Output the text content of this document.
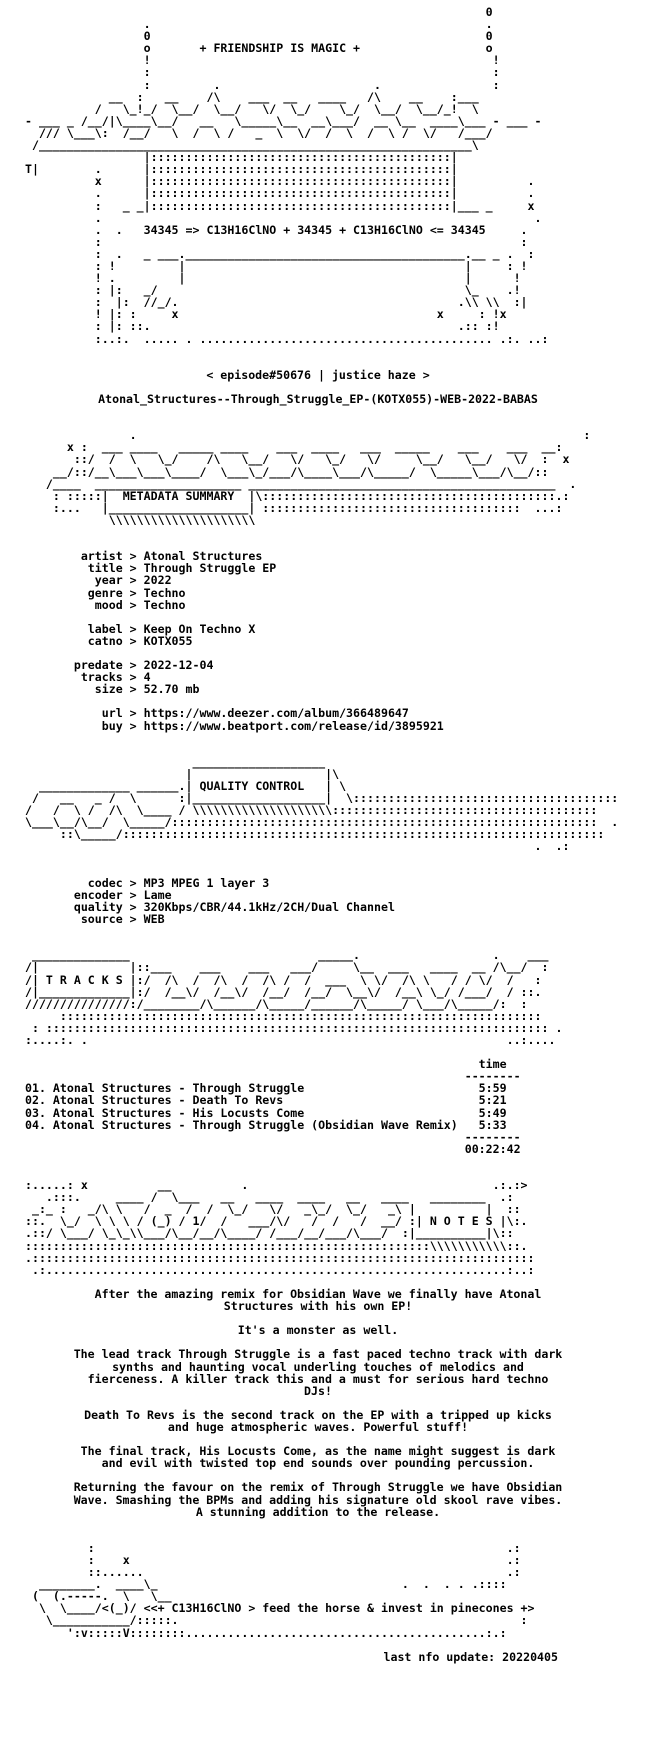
0
.                                                .
0                                                0
o       + FRIENDSHIP IS MAGIC +                  o
!                                                 !
:                                                 :
:         .                      .                :
__  :   __    /\    ___  __   ____   /\    __    :___
/   \_!_/  \__/  \__/   \/  \_/    \_/  \__/  \__/_!  \
- ___ _ /__/|\____\__/   __   \_____\__  __\___/  __ \__  ____\___ - ___ -
/// \___\:  /__/   \  /  \ /   _  \  \/  /  \  /  \ /  \/   /___/
/______________________________________________________________\
|:::::::::::::::::::::::::::::::::::::::::::|
T|        .      |:::::::::::::::::::::::::::::::::::::::::::|
x      |:::::::::::::::::::::::::::::::::::::::::::|          .
.      |:::::::::::::::::::::::::::::::::::::::::::|          .
:   _ _|:::::::::::::::::::::::::::::::::::::::::::|___ _     x
.                                                              .
.  .   34345 => C13H16ClNO + 34345 + C13H16ClNO <= 34345     .
:                                                            :
:  .   _ ___.________________________________________.__ _ .  :
: !         |                                        |     : !
! .         |                                        |      !
: |:   _/                                            \_    .!
:  |:  //_/.                                        .\\ \\  :|
! |: :     x                                     x     : !x
: |: ::.                                            .:: :!
:..:.  ..... . .......................................... .:. ..:
< episode#50676 | justice haze >
Atonal_Structures--Through_Struggle_EP-(KOTX055)-WEB-2022-BABAS
.                                                                :
x :  ___ ____   _____ ____    ___  ____   ___  _____    ___    ___  __:
::/  /  \   \_/    /\   \__/   \/   \_/   \/     \__/   \__/   \/  :  x
__/::/__\___\___\____/  \___\_/___/\____\___/\_____/  \_____\___/\__/::
/____  _____________________ ____________________________________________  .
: :::::|  METADATA SUMMARY  |\::::::::::::::::::::::::::::::::::::::::::.:
:...   |____________________| :::::::::::::::::::::::::::::::::::::  ...:
\\\\\\\\\\\\\\\\\\\\\
artist > Atonal Structures
title > Through Struggle EP
year > 2022
genre > Techno
mood > Techno

label > Keep On Techno X
catno > KOTX055

predate > 2022-12-04
tracks > 4
size > 52.70 mb

url > https://www.deezer.com/album/366489647
buy > https://www.beatport.com/release/id/3895921
___________________
|                   |\
_____________ ______.| QUALITY CONTROL   | \
/   __   _ /  \      :|___________________|  \::::::::::::::::::::::::::::::::::::::
/   /  \ /  /\  \____ / \\\\\\\\\\\\\\\\\\\\::::::::::::::::::::::::::::::::::::::
\___\__/\__/  \_____/:::::::::::::::::::::::::::::::::::::::::::::::::::::::::::::  .
::\_____/:::::::::::::::::::::::::::::::::::::::::::::::::::::::::::::::::::::
.  .:
codec > MP3 MPEG 1 layer 3
encoder > Lame
quality > 320Kbps/CBR/44.1kHz/2CH/Dual Channel
source > WEB
______________                           _____.                   .    ___
/|             |::___    ___    ___   ___/     \__  ___   ____  __ /\__/  :
/| T R A C K S |:/  /\  /  /\  /  /\ /  /  ___  \ \/  /\ \   / / \/  /   :
/|_____________|:/  /__\/  /__\/  /__/  /__/  \__\/  /__\ \_/ /___/  / ::.
///////////////:/________/\______/\_____/______/\_____/ \___/\_____/:  :
:::::::::::::::::::::::::::::::::::::::::::::::::::::::::::::::::::::
: :::::::::::::::::::::::::::::::::::::::::::::::::::::::::::::::::::::::: .
:....:. .                                                            ..:....
time
--------
01. Atonal Structures - Through Struggle                         5:59
02. Atonal Structures - Death To Revs                            5:21
03. Atonal Structures - His Locusts Come                         5:49
04. Atonal Structures - Through Struggle (Obsidian Wave Remix)   5:33
--------
00:22:42
:.....: x          __          .                                   .:.:>
.:::.     ____ /  \___   __   ____  ____   __   ____   ________  .:
_:_ :   _/\ \   /  _  /  /  \_/   \/   _\_/  \_/   _\ |          |  ::
::.  \_/  \ \ \ / (_) / 1/  /   ___/\/   /  /   /  __/ :| N O T E S |\:.
.::/ \___/ \_\_\\___/\__/__/\____/ /___/__/___/\___/  :|__________|\::
::::::::::::::::::::::::::::::::::::::::::::::::::::::::::\\\\\\\\\\\::.
.::::::::::::::::::::::::::::::::::::::::::::::::::::::::::::::::::::::::
.:..................................................................:..:
After the amazing remix for Obsidian Wave we finally have Atonal
Structures with his own EP!
It's a monster as well.
The lead track Through Struggle is a fast paced techno track with dark
synths and haunting vocal underling touches of melodics and
fierceness. A killer track this and a must for serious hard techno
DJs!
Death To Revs is the second track on the EP with a tripped up kicks
and huge atmospheric waves. Powerful stuff!
The final track, His Locusts Come, as the name might suggest is dark
and evil with twisted top end sounds over pounding percussion.
Returning the favour on the remix of Through Struggle we have Obsidian
Wave. Smashing the BPMs and adding his signature old skool rave vibes.
A stunning addition to the release.
:                                                           .:
:    x                                                      .:
::......                                                    .:
________.  ____\_                                   .  .  . . .::::
(  (.-----.  \   \__
\  \____/<(_)/ <<+ C13H16ClNO > feed the horse & invest in pinecones +>
\___________/:::::.                                                 :
':v:::::V::::::::...........................................:.:
last nfo update: 20220405
